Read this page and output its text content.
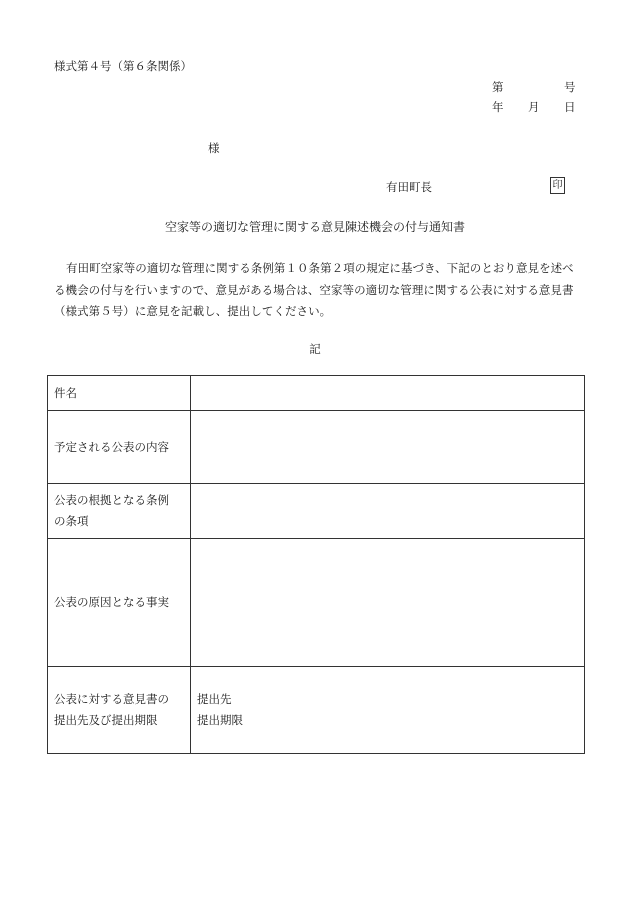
様式第４号（第６条関係）
第	号
年 月 日
様
有田町長	印
空家等の適切な管理に関する意見陳述機会の付与通知書
有田町空家等の適切な管理に関する条例第１０条第２項の規定に基づき、下記のとおり意見を述べる機会の付与を行いますので、意見がある場合は、空家等の適切な管理に関する公表に対する意見書（様式第５号）に意見を記載し、提出してください。
記
件名	

予定される公表の内容	

公表の根拠となる条例
の条項	

公表の原因となる事実	

公表に対する意見書の
提出先及び提出期限	提出先
提出期限
